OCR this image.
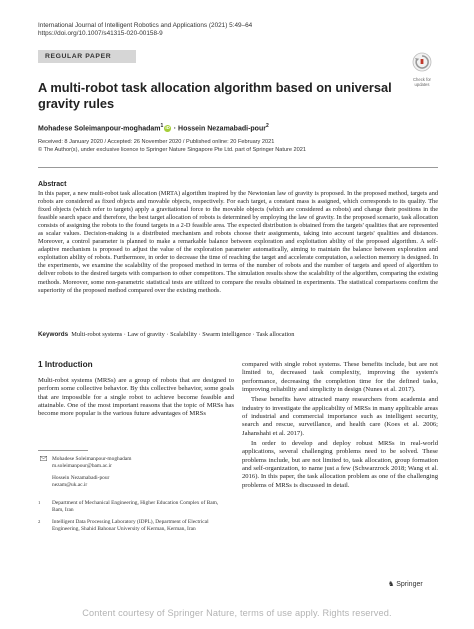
International Journal of Intelligent Robotics and Applications (2021) 5:49–64
https://doi.org/10.1007/s41315-020-00158-9
REGULAR PAPER
Check for
updates
A multi-robot task allocation algorithm based on universal gravity rules
Mohadese Soleimanpour‑moghadam$^1$ iD · Hossein Nezamabadi‑pour$^2$
Received: 8 January 2020 / Accepted: 26 November 2020 / Published online: 20 February 2021
© The Author(s), under exclusive licence to Springer Nature Singapore Pte Ltd. part of Springer Nature 2021
Abstract
In this paper, a new multi-robot task allocation (MRTA) algorithm inspired by the Newtonian law of gravity is proposed. In the proposed method, targets and robots are considered as fixed objects and movable objects, respectively. For each target, a constant mass is assigned, which corresponds to its quality. The fixed objects (which refer to targets) apply a gravitational force to the movable objects (which are considered as robots) and change their positions in the feasible search space and therefore, the best target allocation of robots is determined by employing the law of gravity. In the proposed scenario, task allocation consists of assigning the robots to the found targets in a 2-D feasible area. The expected distribution is obtained from the targets' qualities that are represented as scalar values. Decision-making is a distributed mechanism and robots choose their assignments, taking into account targets' qualities and distances. Moreover, a control parameter is planned to make a remarkable balance between exploration and exploitation ability of the proposed algorithm. A self-adaptive mechanism is proposed to adjust the value of the exploration parameter automatically, aiming to maintain the balance between exploration and exploitation ability of robots. Furthermore, in order to decrease the time of reaching the target and accelerate computation, a selection memory is designed. In the experiments, we examine the scalability of the proposed method in terms of the number of robots and the number of targets and speed of algorithm to deliver robots to the desired targets with comparison to other competitors. The simulation results show the scalability of the algorithm, comparing the existing methods. Moreover, some non-parametric statistical tests are utilized to compare the results obtained in experiments. The statistical comparisons confirm the superiority of the proposed method compared over the existing methods.
Keywords Multi-robot systems · Law of gravity · Scalability · Swarm intelligence · Task allocation
1 Introduction

Multi-robot systems (MRSs) are a group of robots that are designed to perform some collective behavior. By this collective behavior, some goals that are impossible for a single robot to achieve become feasible and attainable. One of the most important reasons that the topic of MRSs has become more popular is the various future advantages of MRSs

compared with single robot systems. These benefits include, but are not limited to, decreased task complexity, improving the system's performance, decreasing the completion time for the defined tasks, improving reliability and simplicity in design (Nunes et al. 2017).

These benefits have attracted many researchers from academia and industry to investigate the applicability of MRSs in many applicable areas of industrial and commercial importance such as intelligent security, search and rescue, surveillance, and health care (Koes et al. 2006; Jahanshahi et al. 2017).

In order to develop and deploy robust MRSs in real-world applications, several challenging problems need to be solved. These problems include, but are not limited to, task allocation, group formation and self-organization, to name just a few (Schwarzrock 2018; Wang et al. 2016). In this paper, the task allocation problem as one of the challenging problems of MRSs is discussed in detail.

Mohadese Soleimanpour-moghadam
m.soleimanpour@bam.ac.ir
Hossein Nezamabadi-pour
nezam@uk.ac.ir
1 Department of Mechanical Engineering, Higher Education Complex of Bam, Bam, Iran
2 Intelligent Data Processing Laboratory (IDPL), Department of Electrical Engineering, Shahid Bahonar University of Kerman, Kerman, Iran
♞ Springer
Content courtesy of Springer Nature, terms of use apply. Rights reserved.
